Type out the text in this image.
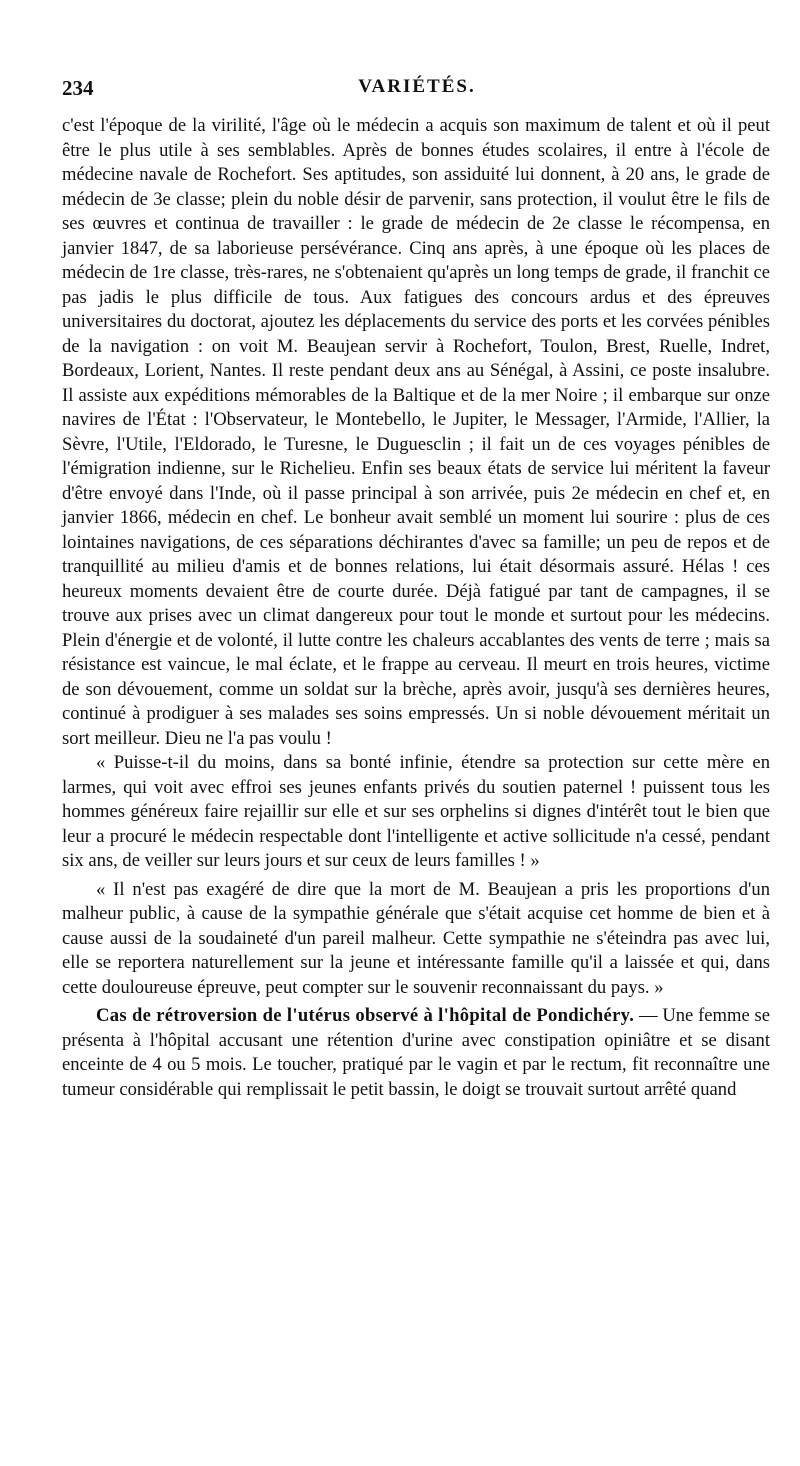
234	VARIÉTÉS.

c'est l'époque de la virilité, l'âge où le médecin a acquis son maximum de talent et où il peut être le plus utile à ses semblables. Après de bonnes études scolaires, il entre à l'école de médecine navale de Rochefort. Ses aptitudes, son assiduité lui donnent, à 20 ans, le grade de médecin de 3e classe; plein du noble désir de parvenir, sans protection, il voulut être le fils de ses œuvres et continua de travailler : le grade de médecin de 2e classe le récompensa, en janvier 1847, de sa laborieuse persévérance. Cinq ans après, à une époque où les places de médecin de 1re classe, très-rares, ne s'obtenaient qu'après un long temps de grade, il franchit ce pas jadis le plus difficile de tous. Aux fatigues des concours ardus et des épreuves universitaires du doctorat, ajoutez les déplacements du service des ports et les corvées pénibles de la navigation : on voit M. Beaujean servir à Rochefort, Toulon, Brest, Ruelle, Indret, Bordeaux, Lorient, Nantes. Il reste pendant deux ans au Sénégal, à Assini, ce poste insalubre. Il assiste aux expéditions mémorables de la Baltique et de la mer Noire ; il embarque sur onze navires de l'État : l'Observateur, le Montebello, le Jupiter, le Messager, l'Armide, l'Allier, la Sèvre, l'Utile, l'Eldorado, le Turesne, le Duguesclin ; il fait un de ces voyages pénibles de l'émigration indienne, sur le Richelieu. Enfin ses beaux états de service lui méritent la faveur d'être envoyé dans l'Inde, où il passe principal à son arrivée, puis 2e médecin en chef et, en janvier 1866, médecin en chef. Le bonheur avait semblé un moment lui sourire : plus de ces lointaines navigations, de ces séparations déchirantes d'avec sa famille; un peu de repos et de tranquillité au milieu d'amis et de bonnes relations, lui était désormais assuré. Hélas ! ces heureux moments devaient être de courte durée. Déjà fatigué par tant de campagnes, il se trouve aux prises avec un climat dangereux pour tout le monde et surtout pour les médecins. Plein d'énergie et de volonté, il lutte contre les chaleurs accablantes des vents de terre ; mais sa résistance est vaincue, le mal éclate, et le frappe au cerveau. Il meurt en trois heures, victime de son dévouement, comme un soldat sur la brèche, après avoir, jusqu'à ses dernières heures, continué à prodiguer à ses malades ses soins empressés. Un si noble dévouement méritait un sort meilleur. Dieu ne l'a pas voulu !

« Puisse-t-il du moins, dans sa bonté infinie, étendre sa protection sur cette mère en larmes, qui voit avec effroi ses jeunes enfants privés du soutien paternel ! puissent tous les hommes généreux faire rejaillir sur elle et sur ses orphelins si dignes d'intérêt tout le bien que leur a procuré le médecin respectable dont l'intelligente et active sollicitude n'a cessé, pendant six ans, de veiller sur leurs jours et sur ceux de leurs familles ! »

« Il n'est pas exagéré de dire que la mort de M. Beaujean a pris les proportions d'un malheur public, à cause de la sympathie générale que s'était acquise cet homme de bien et à cause aussi de la soudaineté d'un pareil malheur. Cette sympathie ne s'éteindra pas avec lui, elle se reportera naturellement sur la jeune et intéressante famille qu'il a laissée et qui, dans cette douloureuse épreuve, peut compter sur le souvenir reconnaissant du pays. »

Cas de rétroversion de l'utérus observé à l'hôpital de Pondichéry. — Une femme se présenta à l'hôpital accusant une rétention d'urine avec constipation opiniâtre et se disant enceinte de 4 ou 5 mois. Le toucher, pratiqué par le vagin et par le rectum, fit reconnaître une tumeur considérable qui remplissait le petit bassin, le doigt se trouvait surtout arrêté quand
